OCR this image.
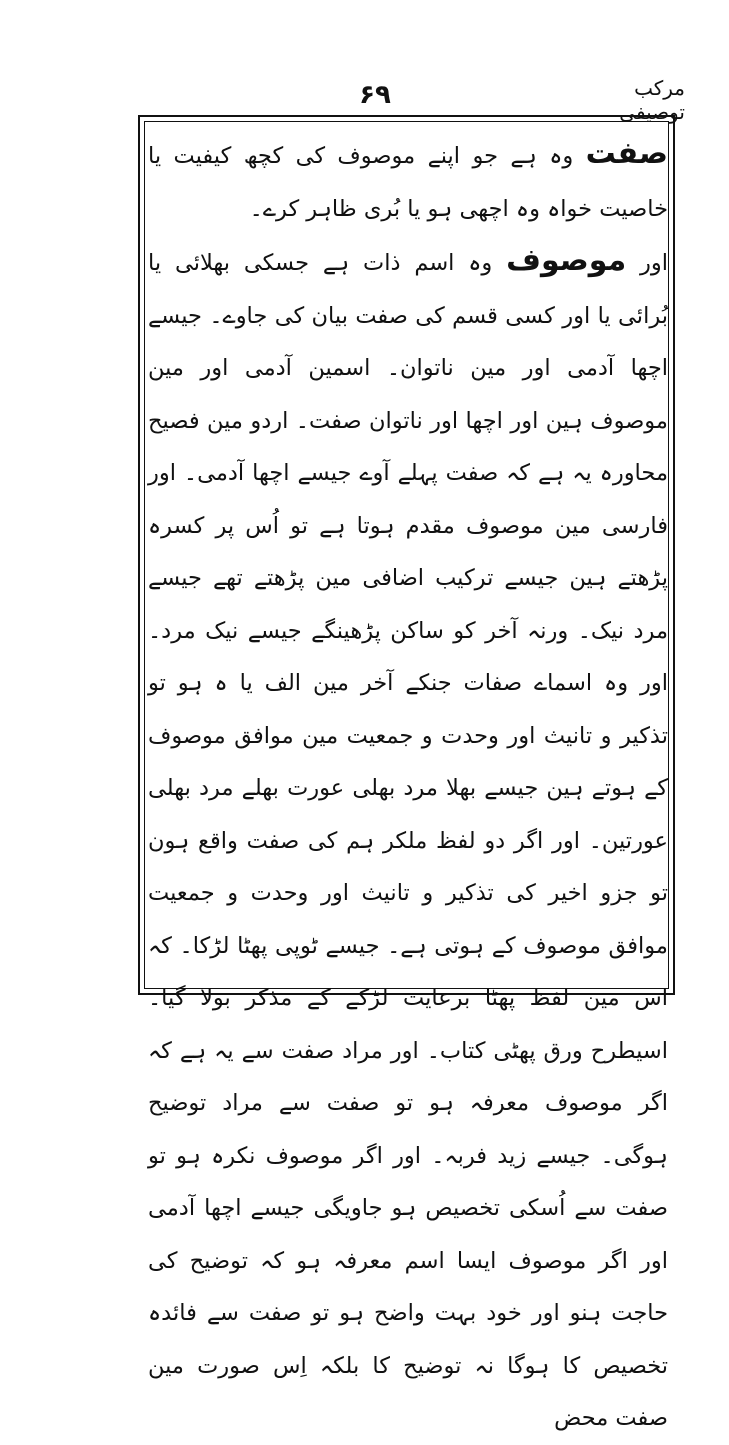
مرکب توصیفی
۶۹

صفت وہ ہے جو اپنے موصوف کی کچھ کیفیت یا خاصیت خواہ وہ اچھی ہو یا بُری ظاہر کرے۔

اور موصوف وہ اسم ذات ہے جسکی بھلائی یا بُرائی یا اور کسی قسم کی صفت بیان کی جاوے۔ جیسے اچھا آدمی اور مین ناتوان۔ اسمین آدمی اور مین موصوف ہین اور اچھا اور ناتوان صفت۔ اردو مین فصیح محاورہ یہ ہے کہ صفت پہلے آوے جیسے اچھا آدمی۔ اور فارسی مین موصوف مقدم ہوتا ہے تو اُس پر کسرہ پڑھتے ہین جیسے ترکیب اضافی مین پڑھتے تھے جیسے مرد نیک۔ ورنہ آخر کو ساکن پڑھینگے جیسے نیک مرد۔ اور وہ اسماے صفات جنکے آخر مین الف یا ہ ہو تو تذکیر و تانیث اور وحدت و جمعیت مین موافق موصوف کے ہوتے ہین جیسے بھلا مرد بھلی عورت بھلے مرد بھلی عورتین۔ اور اگر دو لفظ ملکر ہم کی صفت واقع ہون تو جزو اخیر کی تذکیر و تانیث اور وحدت و جمعیت موافق موصوف کے ہوتی ہے۔ جیسے ٹوپی پھٹا لڑکا۔ کہ اس مین لفظ پھٹا برعایت لڑکے کے مذکر بولا گیا۔ اسیطرح ورق پھٹی کتاب۔ اور مراد صفت سے یہ ہے کہ اگر موصوف معرفہ ہو تو صفت سے مراد توضیح ہوگی۔ جیسے زید فربہ۔ اور اگر موصوف نکرہ ہو تو صفت سے اُسکی تخصیص ہو جاویگی جیسے اچھا آدمی اور اگر موصوف ایسا اسم معرفہ ہو کہ توضیح کی حاجت ہنو اور خود بہت واضح ہو تو صفت سے فائدہ تخصیص کا ہوگا نہ توضیح کا بلکہ اِس صورت مین صفت محض
